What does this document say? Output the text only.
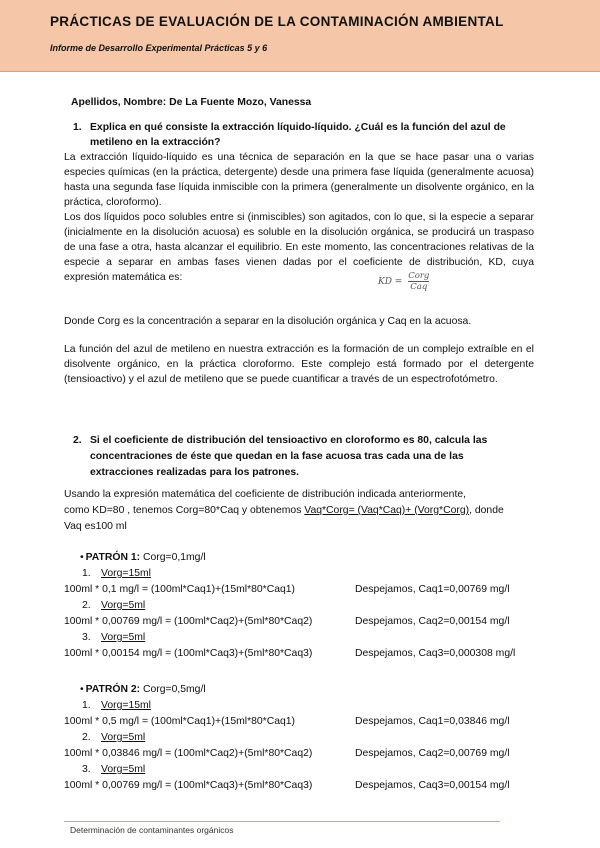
PRÁCTICAS DE EVALUACIÓN DE LA CONTAMINACIÓN AMBIENTAL
Informe de Desarrollo Experimental Prácticas 5 y 6
Apellidos, Nombre: De La Fuente Mozo, Vanessa
1. Explica en qué consiste la extracción líquido-líquido. ¿Cuál es la función del azul de
metileno en la extracción?
La extracción líquido-líquido es una técnica de separación en la que se hace pasar una o varias especies químicas (en la práctica, detergente) desde una primera fase líquida (generalmente acuosa) hasta una segunda fase líquida inmiscible con la primera (generalmente un disolvente orgánico, en la práctica, cloroformo).
Los dos líquidos poco solubles entre si (inmiscibles) son agitados, con lo que, si la especie a separar (inicialmente en la disolución acuosa) es soluble en la disolución orgánica, se producirá un traspaso de una fase a otra, hasta alcanzar el equilibrio. En este momento, las concentraciones relativas de la especie a separar en ambas fases vienen dadas por el coeficiente de distribución, KD, cuya expresión matemática es:	KD = $\frac{\text{Corg}}{\text{Caq}}$
Donde Corg es la concentración a separar en la disolución orgánica y Caq en la acuosa.
La función del azul de metileno en nuestra extracción es la formación de un complejo extraíble en el disolvente orgánico, en la práctica cloroformo. Este complejo está formado por el detergente (tensioactivo) y el azul de metileno que se puede cuantificar a través de un espectrofotómetro.
2. Si el coeficiente de distribución del tensioactivo en cloroformo es 80, calcula las
concentraciones de éste que quedan en la fase acuosa tras cada una de las
extracciones realizadas para los patrones.
Usando la expresión matemática del coeficiente de distribución indicada anteriormente,
como KD=80 , tenemos Corg=80*Caq y obtenemos Vaq*Corg= (Vaq*Caq)+ (Vorg*Corg), donde
Vaq es100 ml
• PATRÓN 1: Corg=0,1mg/l
1. Vorg=15ml
100ml * 0,1 mg/l = (100ml*Caq1)+(15ml*80*Caq1)	Despejamos, Caq1=0,00769 mg/l
2. Vorg=5ml
100ml * 0,00769 mg/l = (100ml*Caq2)+(5ml*80*Caq2)	Despejamos, Caq2=0,00154 mg/l
3. Vorg=5ml
100ml * 0,00154 mg/l = (100ml*Caq3)+(5ml*80*Caq3)	Despejamos, Caq3=0,000308 mg/l
• PATRÓN 2: Corg=0,5mg/l
1. Vorg=15ml
100ml * 0,5 mg/l = (100ml*Caq1)+(15ml*80*Caq1)	Despejamos, Caq1=0,03846 mg/l
2. Vorg=5ml
100ml * 0,03846 mg/l = (100ml*Caq2)+(5ml*80*Caq2)	Despejamos, Caq2=0,00769 mg/l
3. Vorg=5ml
100ml * 0,00769 mg/l = (100ml*Caq3)+(5ml*80*Caq3)	Despejamos, Caq3=0,00154 mg/l
Determinación de contaminantes orgánicos
